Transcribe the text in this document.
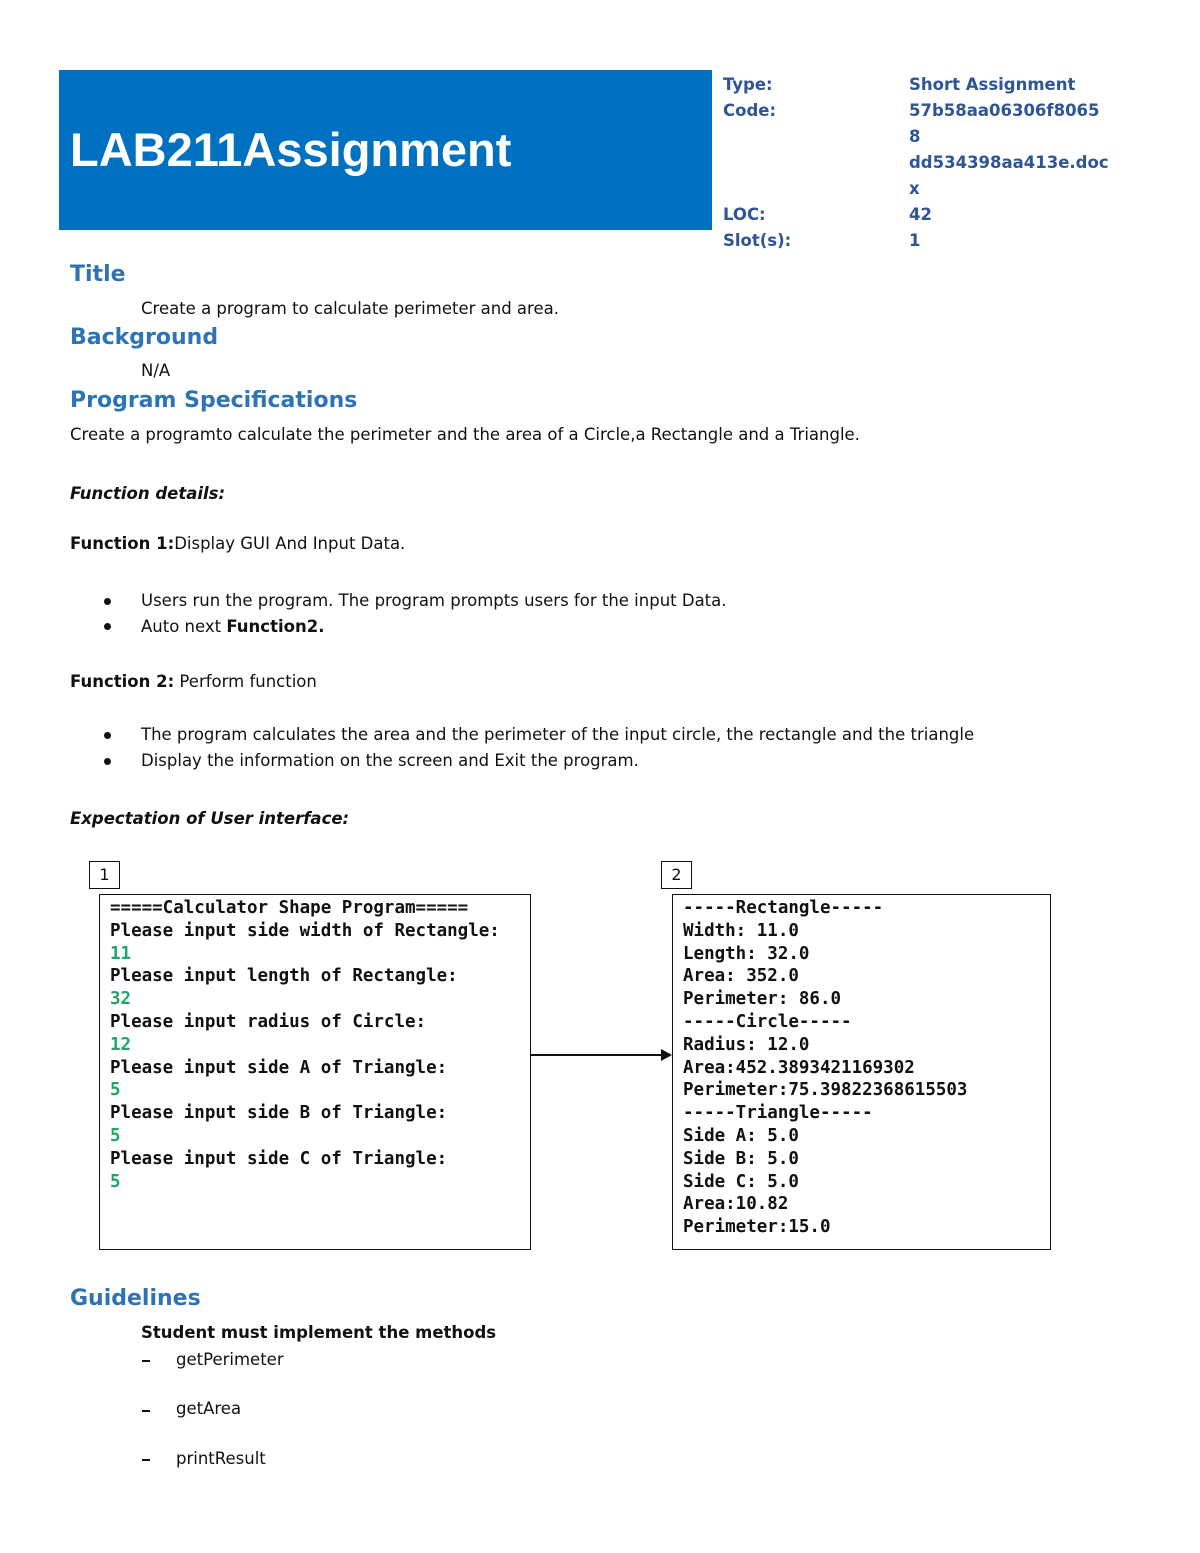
LAB211Assignment
Type:	Short Assignment
Code:	57b58aa06306f80658
dd534398aa413e.doc
x
LOC:	42
Slot(s):	1
Title
Create a program to calculate perimeter and area.
Background
N/A
Program Specifications
Create a programto calculate the perimeter and the area of a Circle,a Rectangle and a Triangle.
Function details:
Function 1:Display GUI And Input Data.
Users run the program. The program prompts users for the input Data.
Auto next Function2.
Function 2: Perform function
The program calculates the area and the perimeter of the input circle, the rectangle and the triangle
Display the information on the screen and Exit the program.
Expectation of User interface:
1	2
=====Calculator Shape Program=====
Please input side width of Rectangle:
11
Please input length of Rectangle:
32
Please input radius of Circle:
12
Please input side A of Triangle:
5
Please input side B of Triangle:
5
Please input side C of Triangle:
5
-----Rectangle-----
Width: 11.0
Length: 32.0
Area: 352.0
Perimeter: 86.0
-----Circle-----
Radius: 12.0
Area:452.3893421169302
Perimeter:75.39822368615503
-----Triangle-----
Side A: 5.0
Side B: 5.0
Side C: 5.0
Area:10.82
Perimeter:15.0
Guidelines
Student must implement the methods
getPerimeter
getArea
printResult
